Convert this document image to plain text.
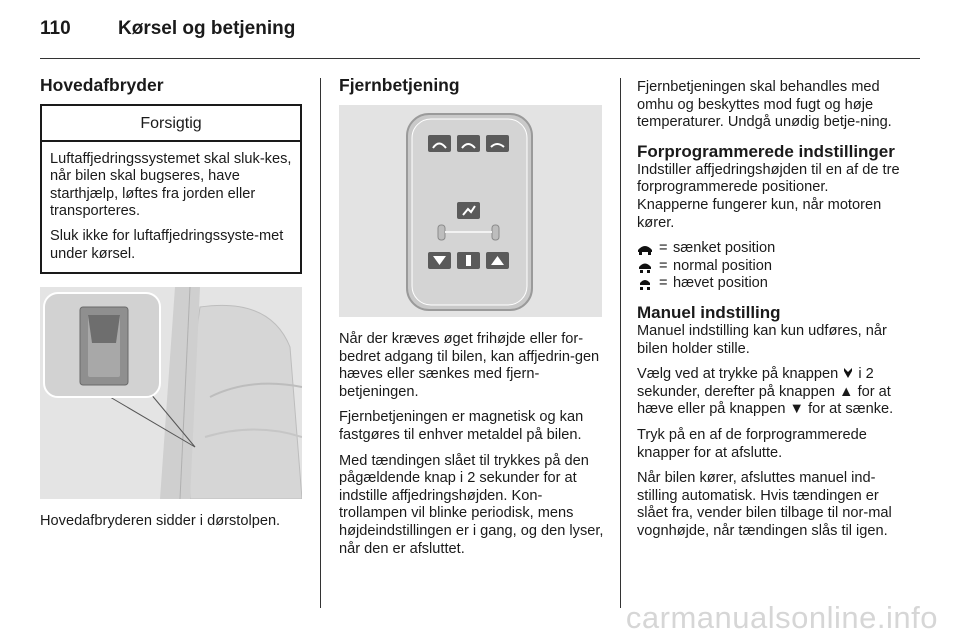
110 Kørsel og betjening
Hovedafbryder
Forsigtig

Luftaffjedringssystemet skal sluk-kes, når bilen skal bugseres, have starthjælp, løftes fra jorden eller transporteres.

Sluk ikke for luftaffjedringssyste-met under kørsel.

Hovedafbryderen sidder i dørstolpen.

Fjernbetjening

Når der kræves øget frihøjde eller for-bedret adgang til bilen, kan affjedrin-gen hæves eller sænkes med fjern-betjeningen.

Fjernbetjeningen er magnetisk og kan fastgøres til enhver metaldel på bilen.

Med tændingen slået til trykkes på den pågældende knap i 2 sekunder for at indstille affjedringshøjden. Kon-trollampen vil blinke periodisk, mens højdeindstillingen er i gang, og den lyser, når den er afsluttet.

Fjernbetjeningen skal behandles med omhu og beskyttes mod fugt og høje temperaturer. Undgå unødig betje-ning.

Forprogrammerede indstillinger

Indstiller affjedringshøjden til en af de tre forprogrammerede positioner. Knapperne fungerer kun, når motoren kører.

= sænket position
= normal position
= hævet position
Manuel indstilling

Manuel indstilling kan kun udføres, når bilen holder stille.

Vælg ved at trykke på knappen i 2 sekunder, derefter på knappen ▲ for at hæve eller på knappen ▼ for at sænke.

Tryk på en af de forprogrammerede knapper for at afslutte.

Når bilen kører, afsluttes manuel ind-stilling automatisk. Hvis tændingen er slået fra, vender bilen tilbage til nor-mal vognhøjde, når tændingen slås til igen.

carmanualsonline.info
